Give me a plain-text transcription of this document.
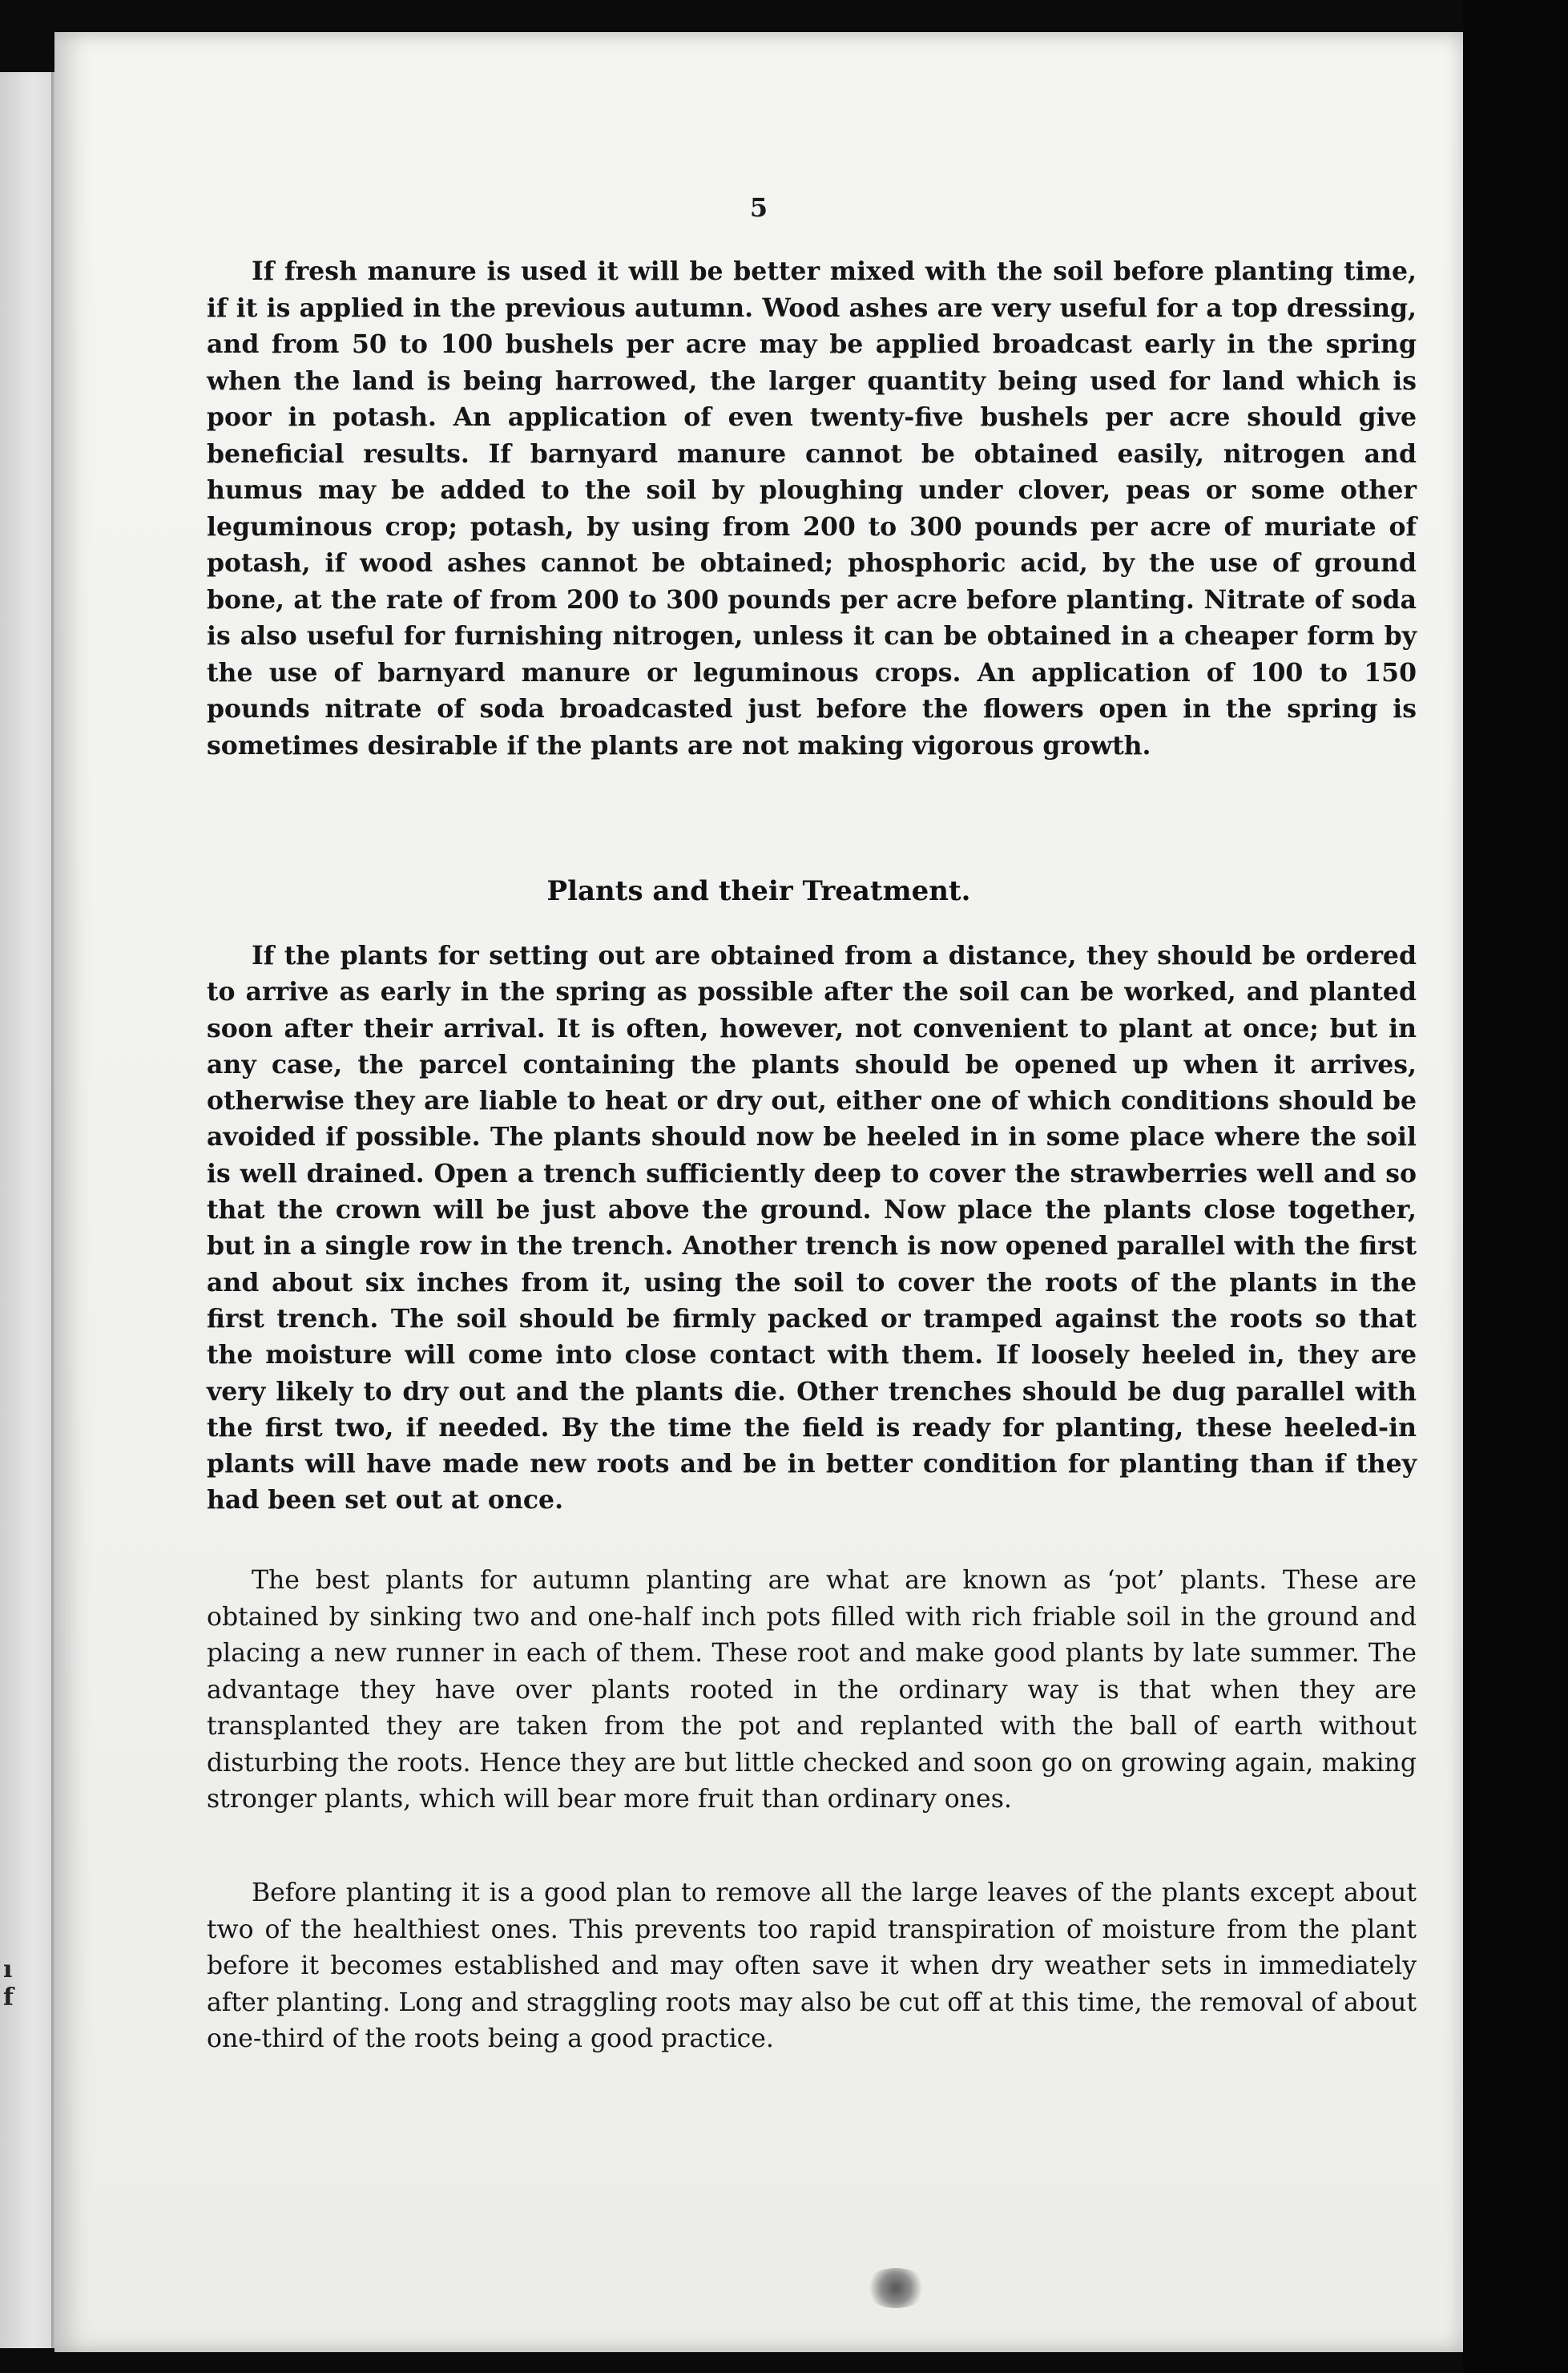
ı
f
5

If fresh manure is used it will be better mixed with the soil before planting time, if it is applied in the previous autumn. Wood ashes are very useful for a top dressing, and from 50 to 100 bushels per acre may be applied broadcast early in the spring when the land is being harrowed, the larger quantity being used for land which is poor in potash. An application of even twenty-five bushels per acre should give beneficial results. If barnyard manure cannot be obtained easily, nitrogen and humus may be added to the soil by ploughing under clover, peas or some other leguminous crop; potash, by using from 200 to 300 pounds per acre of muriate of potash, if wood ashes cannot be obtained; phosphoric acid, by the use of ground bone, at the rate of from 200 to 300 pounds per acre before planting. Nitrate of soda is also useful for furnishing nitrogen, unless it can be obtained in a cheaper form by the use of barnyard manure or leguminous crops. An application of 100 to 150 pounds nitrate of soda broadcasted just before the flowers open in the spring is sometimes desirable if the plants are not making vigorous growth.

Plants and their Treatment.

If the plants for setting out are obtained from a distance, they should be ordered to arrive as early in the spring as possible after the soil can be worked, and planted soon after their arrival. It is often, however, not convenient to plant at once; but in any case, the parcel containing the plants should be opened up when it arrives, otherwise they are liable to heat or dry out, either one of which conditions should be avoided if possible. The plants should now be heeled in in some place where the soil is well drained. Open a trench sufficiently deep to cover the strawberries well and so that the crown will be just above the ground. Now place the plants close together, but in a single row in the trench. Another trench is now opened parallel with the first and about six inches from it, using the soil to cover the roots of the plants in the first trench. The soil should be firmly packed or tramped against the roots so that the moisture will come into close contact with them. If loosely heeled in, they are very likely to dry out and the plants die. Other trenches should be dug parallel with the first two, if needed. By the time the field is ready for planting, these heeled-in plants will have made new roots and be in better condition for planting than if they had been set out at once.

The best plants for autumn planting are what are known as ‘pot’ plants. These are obtained by sinking two and one-half inch pots filled with rich friable soil in the ground and placing a new runner in each of them. These root and make good plants by late summer. The advantage they have over plants rooted in the ordinary way is that when they are transplanted they are taken from the pot and replanted with the ball of earth without disturbing the roots. Hence they are but little checked and soon go on growing again, making stronger plants, which will bear more fruit than ordinary ones.

Before planting it is a good plan to remove all the large leaves of the plants except about two of the healthiest ones. This prevents too rapid transpiration of moisture from the plant before it becomes established and may often save it when dry weather sets in immediately after planting. Long and straggling roots may also be cut off at this time, the removal of about one-third of the roots being a good practice.
